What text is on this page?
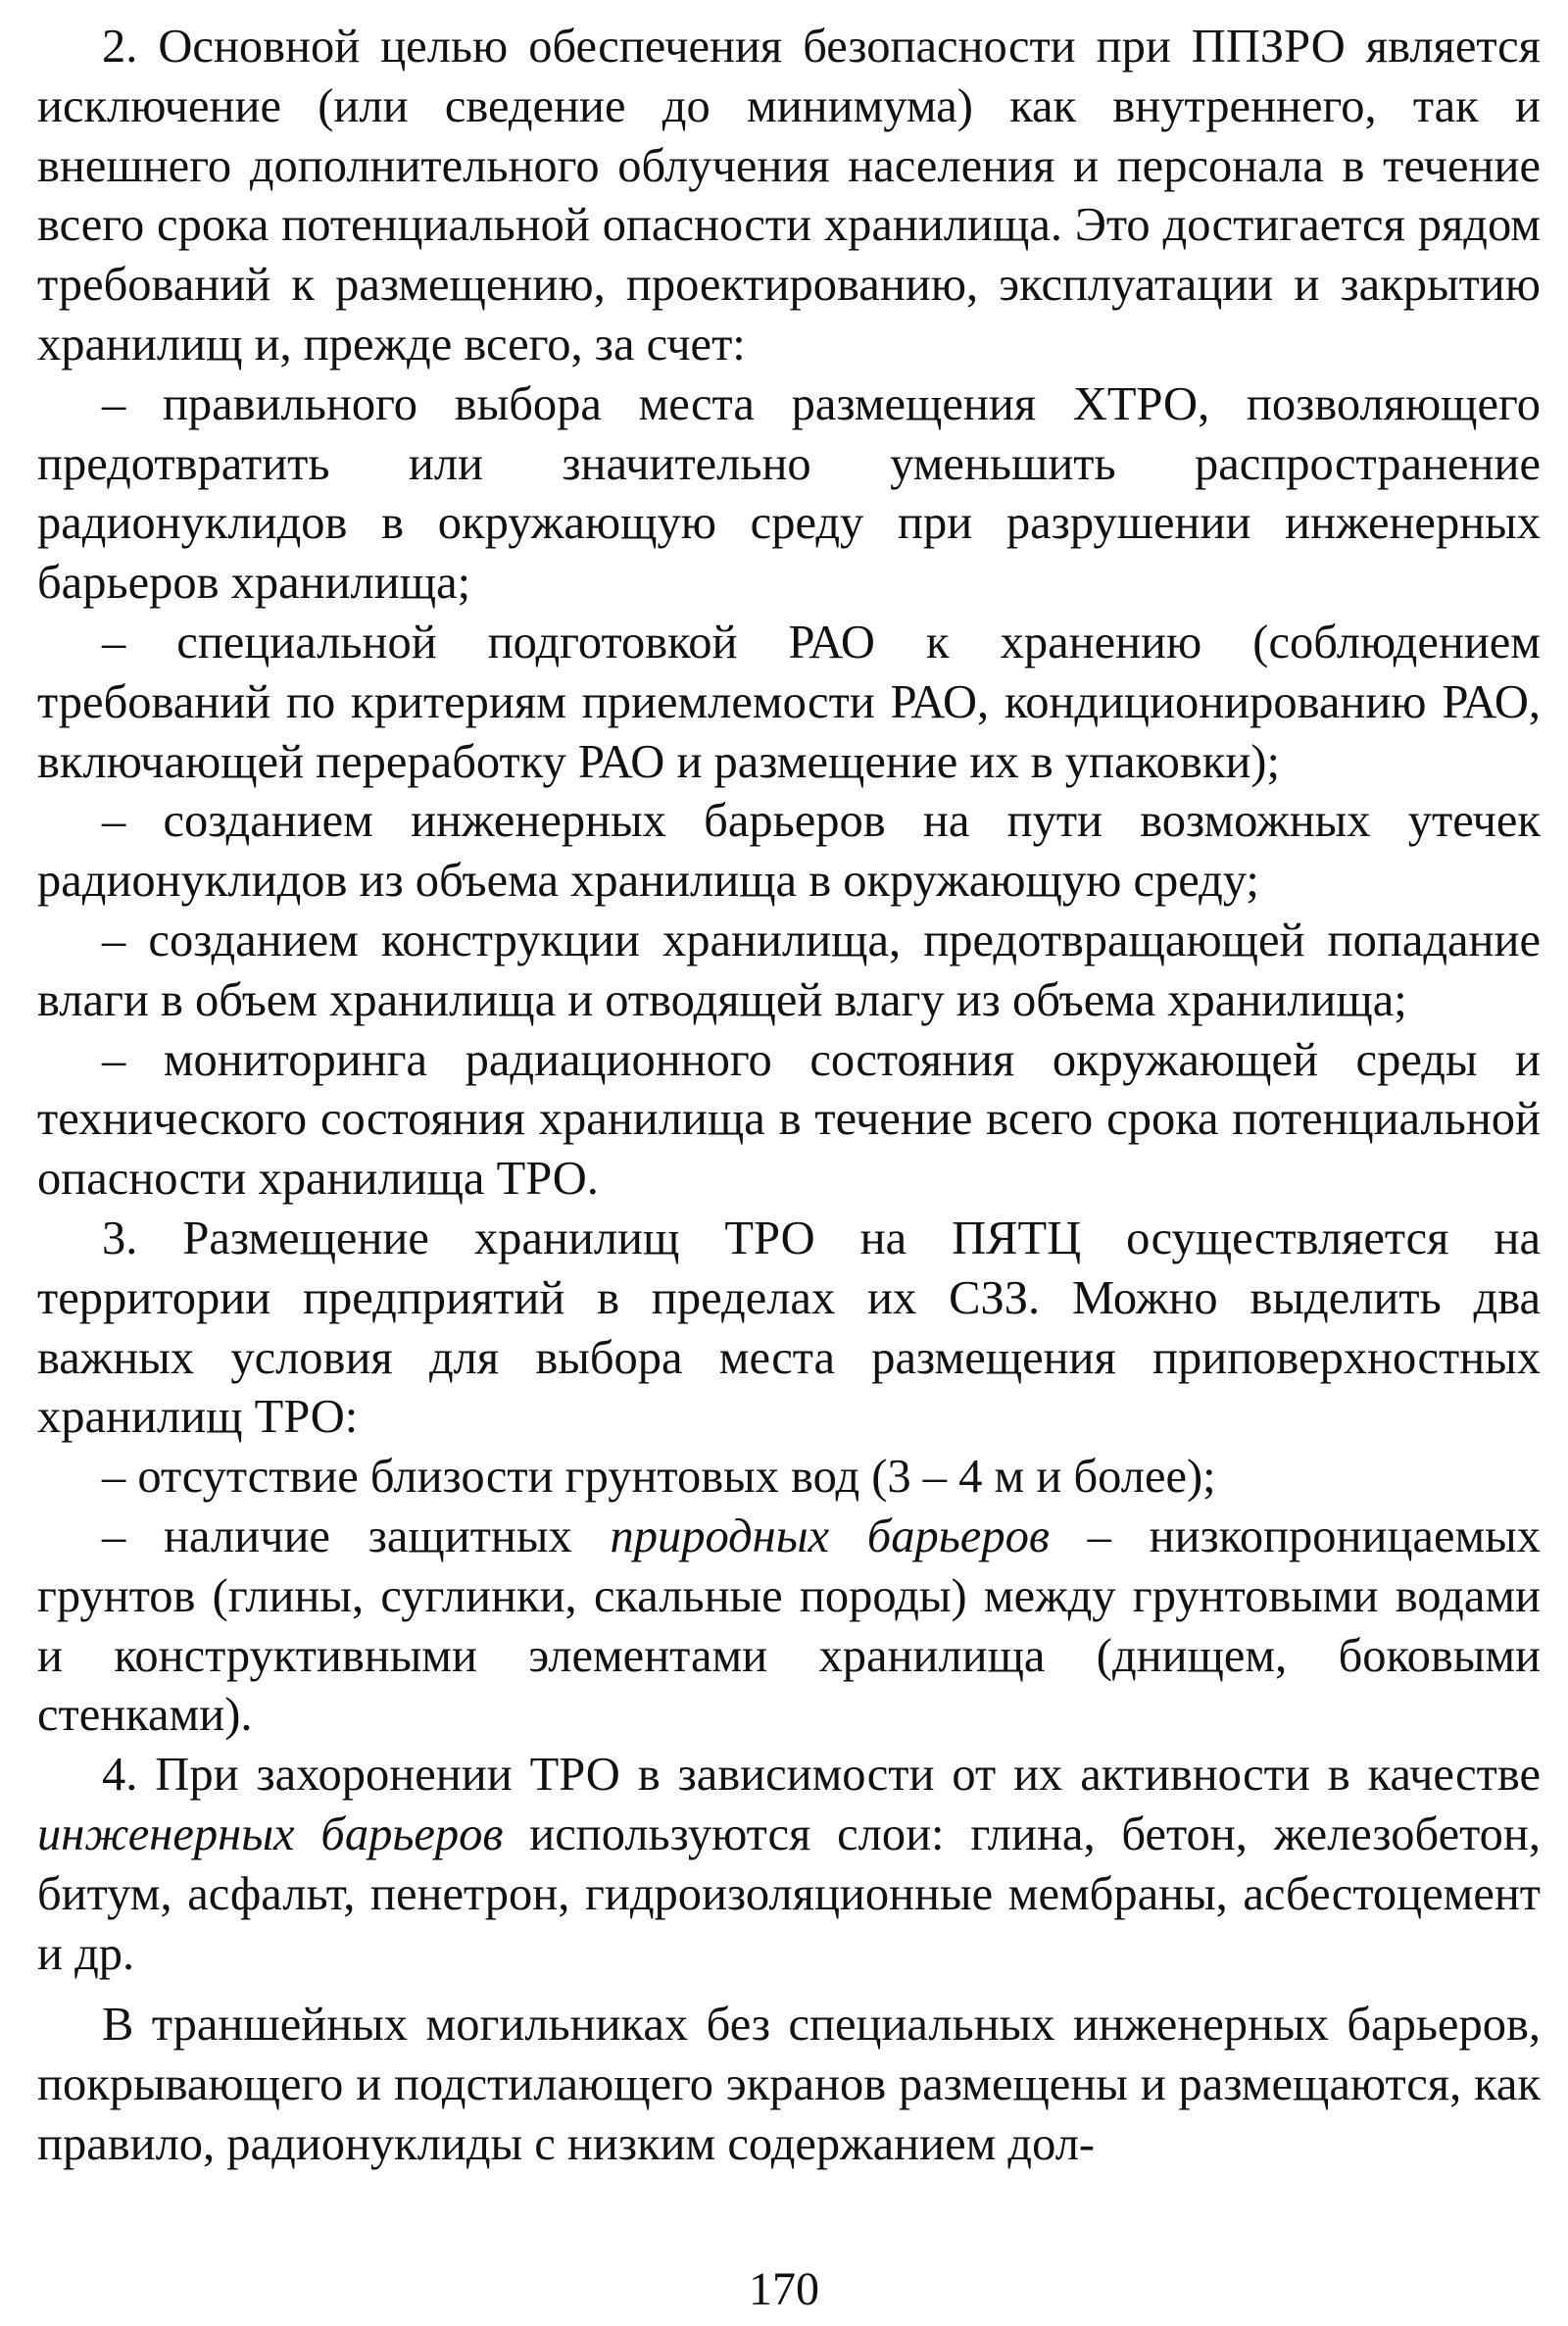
2. Основной целью обеспечения безопасности при ППЗРО является исключение (или сведение до минимума) как внутреннего, так и внешнего дополнительного облучения населения и персонала в течение всего срока потенциальной опасности хранилища. Это достигается рядом требований к размещению, проектированию, эксплуатации и закрытию хранилищ и, прежде всего, за счет:

– правильного выбора места размещения ХТРО, позволяющего предотвратить или значительно уменьшить распространение радионуклидов в окружающую среду при разрушении инженерных барьеров хранилища;

– специальной подготовкой РАО к хранению (соблюдением требований по критериям приемлемости РАО, кондиционированию РАО, включающей переработку РАО и размещение их в упаковки);

– созданием инженерных барьеров на пути возможных утечек радионуклидов из объема хранилища в окружающую среду;

– созданием конструкции хранилища, предотвращающей попадание влаги в объем хранилища и отводящей влагу из объема хранилища;

– мониторинга радиационного состояния окружающей среды и технического состояния хранилища в течение всего срока потенциальной опасности хранилища ТРО.

3. Размещение хранилищ ТРО на ПЯТЦ осуществляется на территории предприятий в пределах их СЗЗ. Можно выделить два важных условия для выбора места размещения приповерхностных хранилищ ТРО:

– отсутствие близости грунтовых вод (3 – 4 м и более);

– наличие защитных природных барьеров – низкопроницаемых грунтов (глины, суглинки, скальные породы) между грунтовыми водами и конструктивными элементами хранилища (днищем, боковыми стенками).

4. При захоронении ТРО в зависимости от их активности в качестве инженерных барьеров используются слои: глина, бетон, железобетон, битум, асфальт, пенетрон, гидроизоляционные мембраны, асбестоцемент и др.

В траншейных могильниках без специальных инженерных барьеров, покрывающего и подстилающего экранов размещены и размещаются, как правило, радионуклиды с низким содержанием дол-

170
